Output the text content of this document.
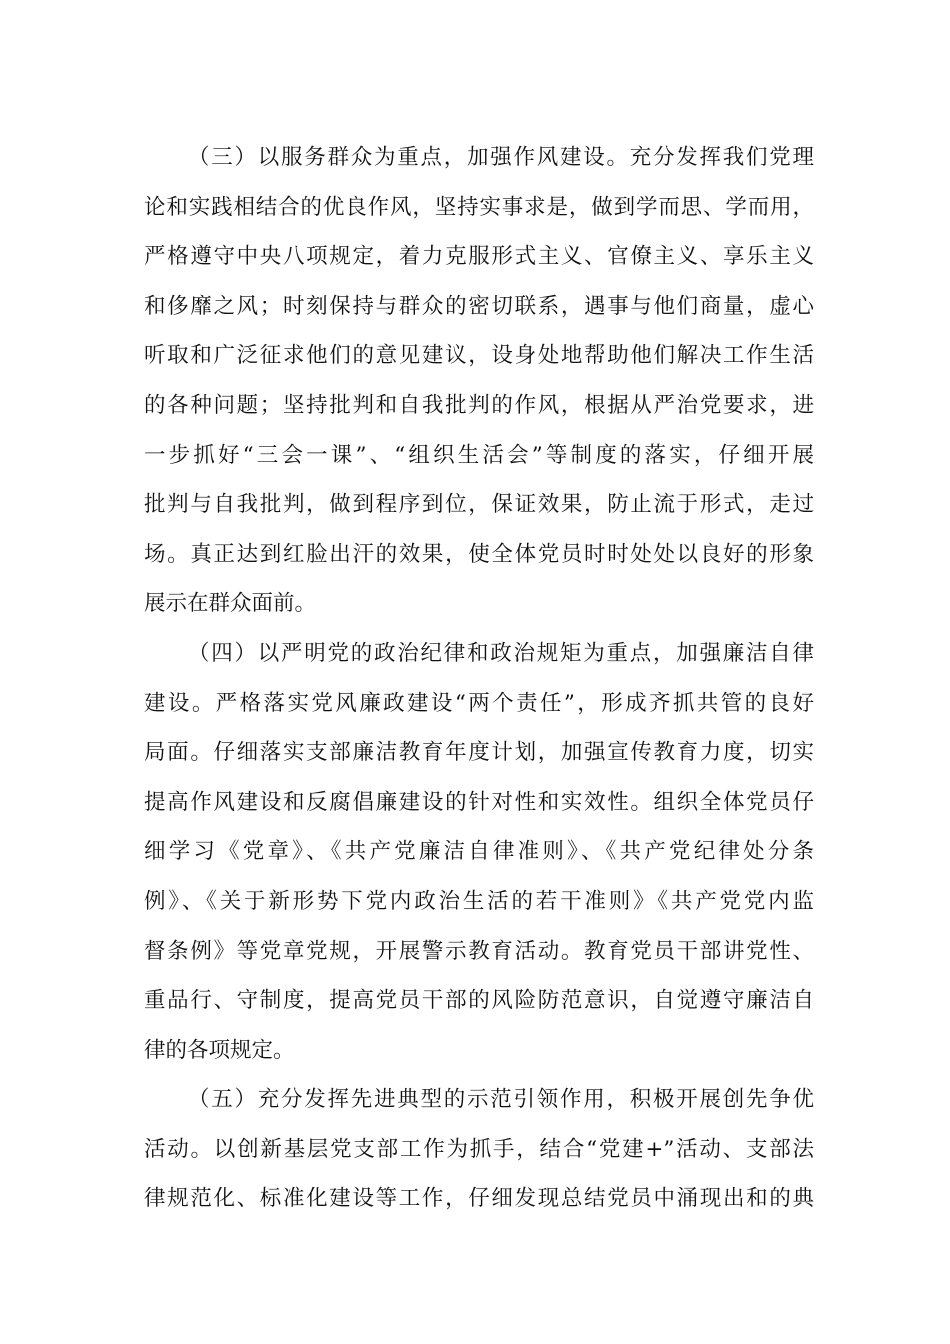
（三）以服务群众为重点，加强作风建设。充分发挥我们党理
论和实践相结合的优良作风，坚持实事求是，做到学而思、学而用，
严格遵守中央八项规定，着力克服形式主义、官僚主义、享乐主义
和侈靡之风；时刻保持与群众的密切联系，遇事与他们商量，虚心
听取和广泛征求他们的意见建议，设身处地帮助他们解决工作生活
的各种问题；坚持批判和自我批判的作风，根据从严治党要求，进
一步抓好“三会一课”、“组织生活会”等制度的落实，仔细开展
批判与自我批判，做到程序到位，保证效果，防止流于形式，走过
场。真正达到红脸出汗的效果，使全体党员时时处处以良好的形象
展示在群众面前。
（四）以严明党的政治纪律和政治规矩为重点，加强廉洁自律
建设。严格落实党风廉政建设“两个责任”，形成齐抓共管的良好
局面。仔细落实支部廉洁教育年度计划，加强宣传教育力度，切实
提高作风建设和反腐倡廉建设的针对性和实效性。组织全体党员仔
细学习《党章》、《共产党廉洁自律准则》、《共产党纪律处分条
例》、《关于新形势下党内政治生活的若干准则》《共产党党内监
督条例》等党章党规，开展警示教育活动。教育党员干部讲党性、
重品行、守制度，提高党员干部的风险防范意识，自觉遵守廉洁自
律的各项规定。
（五）充分发挥先进典型的示范引领作用，积极开展创先争优
活动。以创新基层党支部工作为抓手，结合“党建+”活动、支部法
律规范化、标准化建设等工作，仔细发现总结党员中涌现出和的典
